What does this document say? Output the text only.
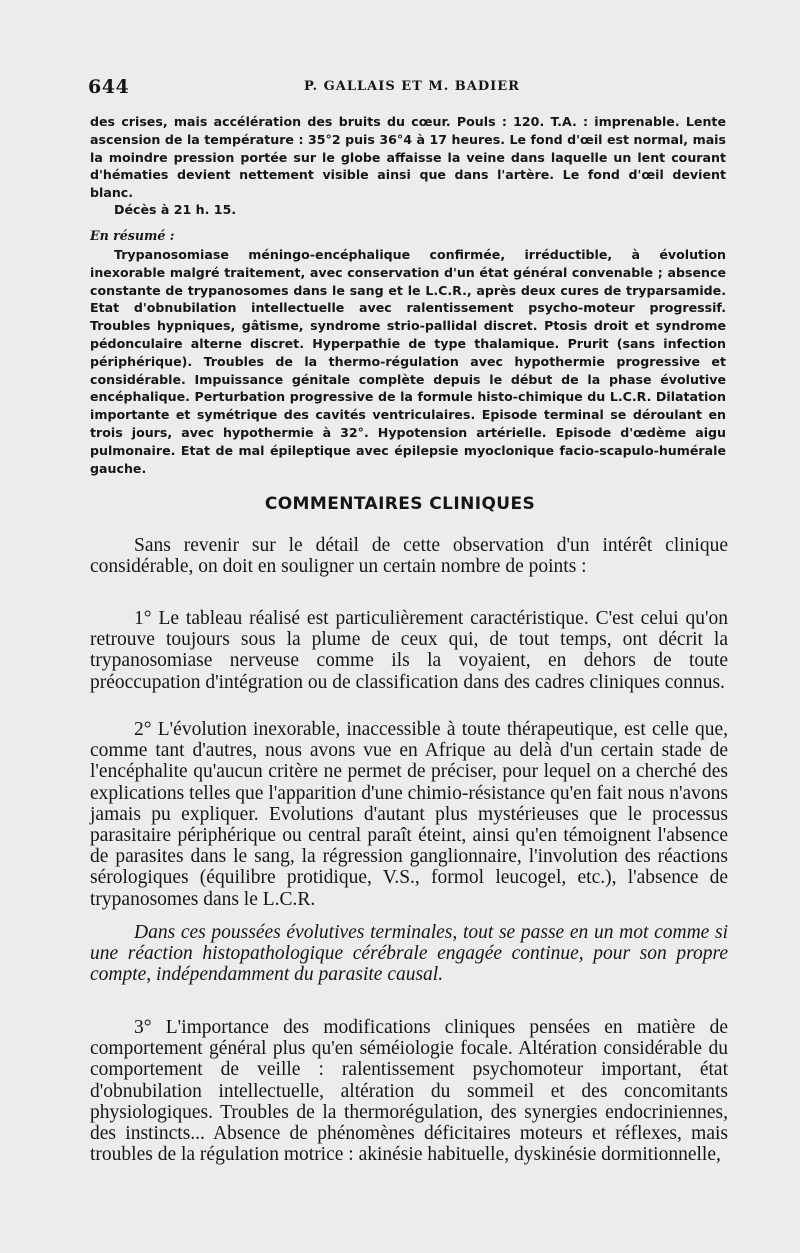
644	P. GALLAIS ET M. BADIER

des crises, mais accélération des bruits du cœur. Pouls : 120. T.A. : imprenable. Lente ascension de la température : 35°2 puis 36°4 à 17 heures. Le fond d'œil est normal, mais la moindre pression portée sur le globe affaisse la veine dans laquelle un lent courant d'hématies devient nettement visible ainsi que dans l'artère. Le fond d'œil devient blanc.

Décès à 21 h. 15.

En résumé :

Trypanosomiase méningo-encéphalique confirmée, irréductible, à évolution inexorable malgré traitement, avec conservation d'un état général convenable ; absence constante de trypanosomes dans le sang et le L.C.R., après deux cures de tryparsamide. Etat d'obnubilation intellectuelle avec ralentissement psycho-moteur progressif. Troubles hypniques, gâtisme, syndrome strio-pallidal discret. Ptosis droit et syndrome pédonculaire alterne discret. Hyperpathie de type thalamique. Prurit (sans infection périphérique). Troubles de la thermo-régulation avec hypothermie progressive et considérable. Impuissance génitale complète depuis le début de la phase évolutive encéphalique. Perturbation progressive de la formule histo-chimique du L.C.R. Dilatation importante et symétrique des cavités ventriculaires. Episode terminal se déroulant en trois jours, avec hypothermie à 32°. Hypotension artérielle. Episode d'œdème aigu pulmonaire. Etat de mal épileptique avec épilepsie myoclonique facio-scapulo-humérale gauche.

COMMENTAIRES CLINIQUES

Sans revenir sur le détail de cette observation d'un intérêt clinique considérable, on doit en souligner un certain nombre de points :

1° Le tableau réalisé est particulièrement caractéristique. C'est celui qu'on retrouve toujours sous la plume de ceux qui, de tout temps, ont décrit la trypanosomiase nerveuse comme ils la voyaient, en dehors de toute préoccupation d'intégration ou de classification dans des cadres cliniques connus.

2° L'évolution inexorable, inaccessible à toute thérapeutique, est celle que, comme tant d'autres, nous avons vue en Afrique au delà d'un certain stade de l'encéphalite qu'aucun critère ne permet de préciser, pour lequel on a cherché des explications telles que l'apparition d'une chimio-résistance qu'en fait nous n'avons jamais pu expliquer. Evolutions d'autant plus mystérieuses que le processus parasitaire périphérique ou central paraît éteint, ainsi qu'en témoignent l'absence de parasites dans le sang, la régression ganglionnaire, l'involution des réactions sérologiques (équilibre protidique, V.S., formol leucogel, etc.), l'absence de trypanosomes dans le L.C.R.

Dans ces poussées évolutives terminales, tout se passe en un mot comme si une réaction histopathologique cérébrale engagée continue, pour son propre compte, indépendamment du parasite causal.

3° L'importance des modifications cliniques pensées en matière de comportement général plus qu'en séméiologie focale. Altération considérable du comportement de veille : ralentissement psychomoteur important, état d'obnubilation intellectuelle, altération du sommeil et des concomitants physiologiques. Troubles de la thermorégulation, des synergies endocriniennes, des instincts... Absence de phénomènes déficitaires moteurs et réflexes, mais troubles de la régulation motrice : akinésie habituelle, dyskinésie dormitionnelle,
